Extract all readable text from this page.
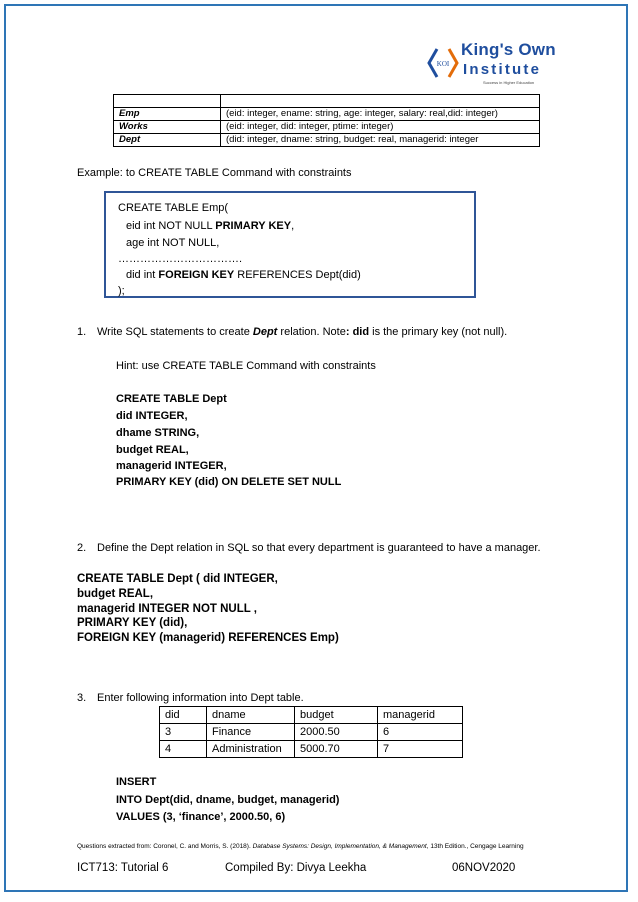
KOI
King's Own
Institute
Success in Higher Education

Emp	(eid: integer, ename: string, age: integer, salary: real,did: integer)
Works	(eid: integer, did: integer, ptime: integer)
Dept	(did: integer, dname: string, budget: real, managerid: integer
Example: to CREATE TABLE Command with constraints
CREATE TABLE Emp(
eid int NOT NULL PRIMARY KEY,
age int NOT NULL,
…………………………….
did int FOREIGN KEY REFERENCES Dept(did)
);
1. Write SQL statements to create Dept relation. Note: did is the primary key (not null).
Hint: use CREATE TABLE Command with constraints
CREATE TABLE Dept
did INTEGER,
dhame STRING,
budget REAL,
managerid INTEGER,
PRIMARY KEY (did) ON DELETE SET NULL
2. Define the Dept relation in SQL so that every department is guaranteed to have a manager.
CREATE TABLE Dept ( did INTEGER,
budget REAL,
managerid INTEGER NOT NULL ,
PRIMARY KEY (did),
FOREIGN KEY (managerid) REFERENCES Emp)
3. Enter following information into Dept table.
did	dname	budget	managerid
3	Finance	2000.50	6
4	Administration	5000.70	7
INSERT
INTO Dept(did, dname, budget, managerid)
VALUES (3, ‘finance’, 2000.50, 6)
Questions extracted from: Coronel, C. and Morris, S. (2018). Database Systems: Design, Implementation, & Management, 13th Edition., Cengage Learning
ICT713: Tutorial 6	Compiled By: Divya Leekha	06NOV2020
